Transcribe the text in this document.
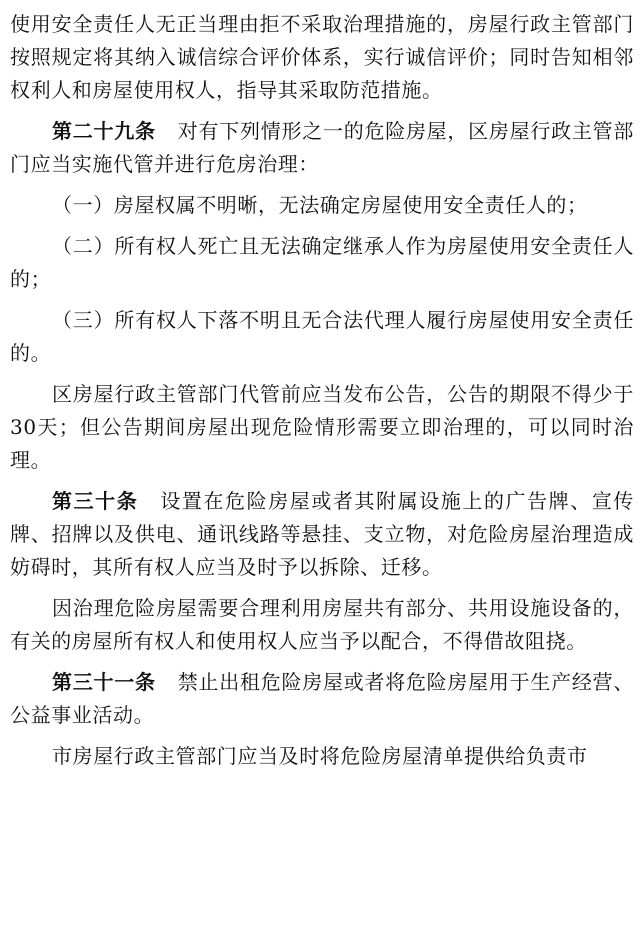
使用安全责任人无正当理由拒不采取治理措施的，房屋行政主管部门按照规定将其纳入诚信综合评价体系，实行诚信评价；同时告知相邻权利人和房屋使用权人，指导其采取防范措施。

第二十九条 对有下列情形之一的危险房屋，区房屋行政主管部门应当实施代管并进行危房治理：

（一）房屋权属不明晰，无法确定房屋使用安全责任人的；

（二）所有权人死亡且无法确定继承人作为房屋使用安全责任人的；

（三）所有权人下落不明且无合法代理人履行房屋使用安全责任的。

区房屋行政主管部门代管前应当发布公告，公告的期限不得少于30天；但公告期间房屋出现危险情形需要立即治理的，可以同时治理。

第三十条 设置在危险房屋或者其附属设施上的广告牌、宣传牌、招牌以及供电、通讯线路等悬挂、支立物，对危险房屋治理造成妨碍时，其所有权人应当及时予以拆除、迁移。

因治理危险房屋需要合理利用房屋共有部分、共用设施设备的，有关的房屋所有权人和使用权人应当予以配合，不得借故阻挠。

第三十一条 禁止出租危险房屋或者将危险房屋用于生产经营、公益事业活动。

市房屋行政主管部门应当及时将危险房屋清单提供给负责市
